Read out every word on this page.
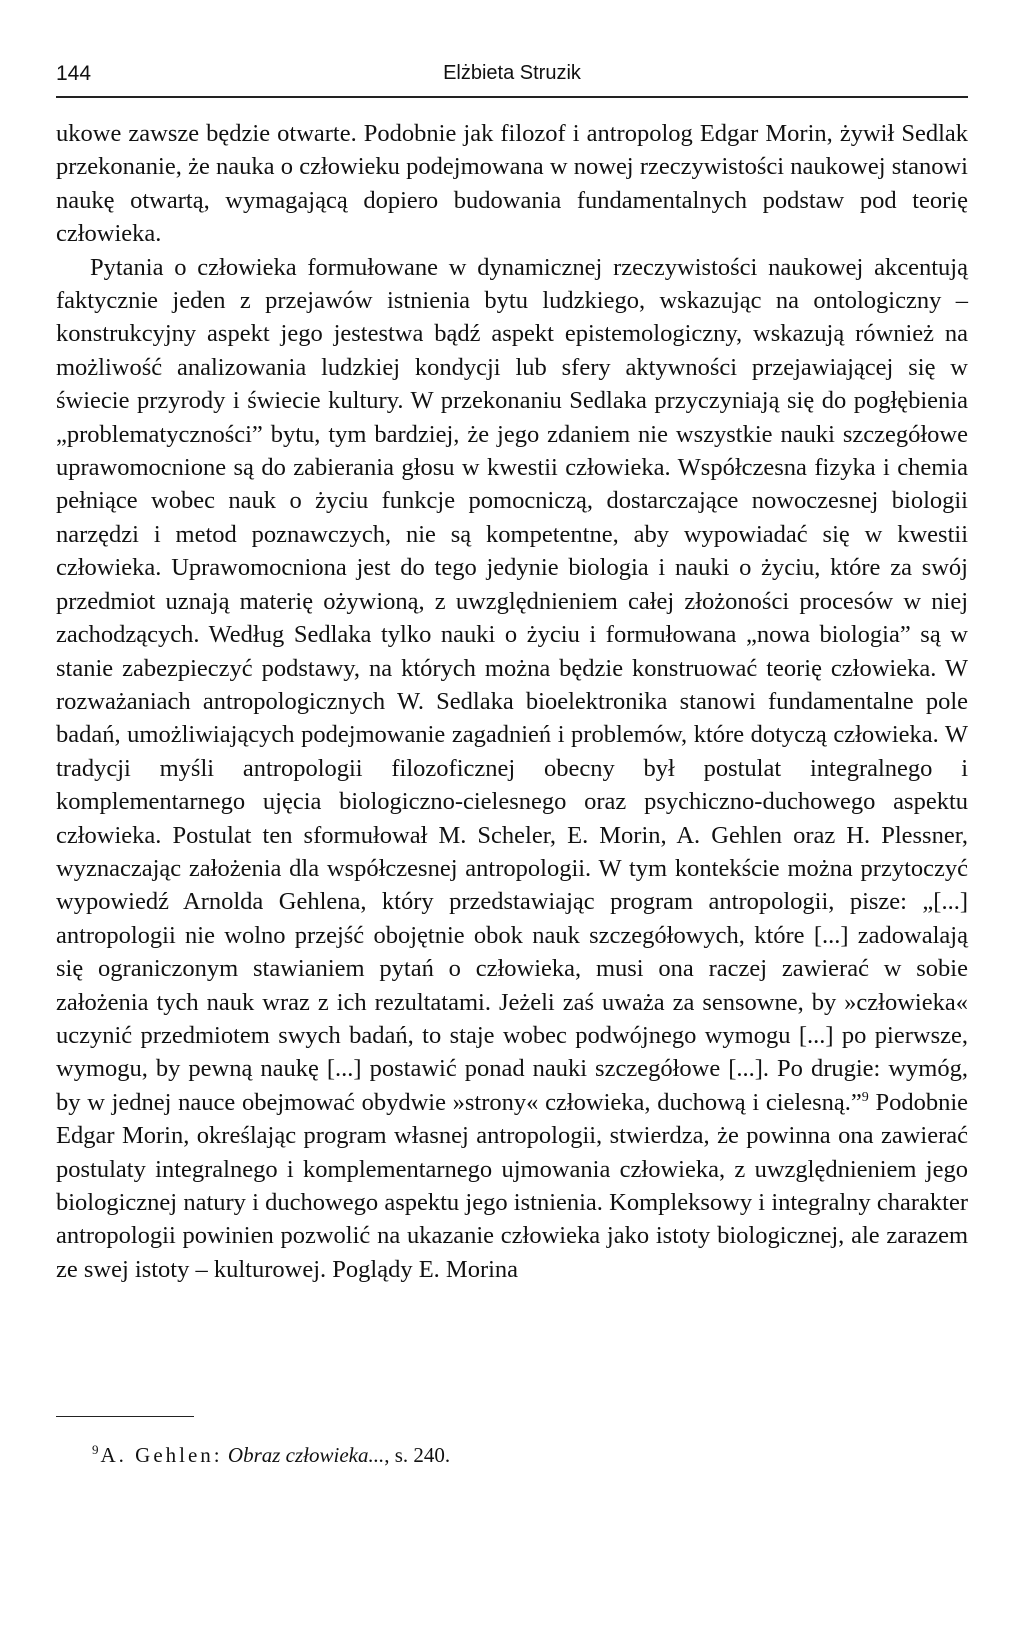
144	Elżbieta Struzik

ukowe zawsze będzie otwarte. Podobnie jak filozof i antropolog Edgar Morin, żywił Sedlak przekonanie, że nauka o człowieku podejmowana w nowej rzeczywistości naukowej stanowi naukę otwartą, wymagającą dopiero budowania fundamentalnych podstaw pod teorię człowieka.

Pytania o człowieka formułowane w dynamicznej rzeczywistości naukowej akcentują faktycznie jeden z przejawów istnienia bytu ludzkiego, wskazując na ontologiczny – konstrukcyjny aspekt jego jestestwa bądź aspekt epistemologiczny, wskazują również na możliwość analizowania ludzkiej kondycji lub sfery aktywności przejawiającej się w świecie przyrody i świecie kultury. W przekonaniu Sedlaka przyczyniają się do pogłębienia „problematyczności” bytu, tym bardziej, że jego zdaniem nie wszystkie nauki szczegółowe uprawomocnione są do zabierania głosu w kwestii człowieka. Współczesna fizyka i chemia pełniące wobec nauk o życiu funkcje pomocniczą, dostarczające nowoczesnej biologii narzędzi i metod poznawczych, nie są kompetentne, aby wypowiadać się w kwestii człowieka. Uprawomocniona jest do tego jedynie biologia i nauki o życiu, które za swój przedmiot uznają materię ożywioną, z uwzględnieniem całej złożoności procesów w niej zachodzących. Według Sedlaka tylko nauki o życiu i formułowana „nowa biologia” są w stanie zabezpieczyć podstawy, na których można będzie konstruować teorię człowieka. W rozważaniach antropologicznych W. Sedlaka bioelektronika stanowi fundamentalne pole badań, umożliwiających podejmowanie zagadnień i problemów, które dotyczą człowieka. W tradycji myśli antropologii filozoficznej obecny był postulat integralnego i komplementarnego ujęcia biologiczno-cielesnego oraz psychiczno-duchowego aspektu człowieka. Postulat ten sformułował M. Scheler, E. Morin, A. Gehlen oraz H. Plessner, wyznaczając założenia dla współczesnej antropologii. W tym kontekście można przytoczyć wypowiedź Arnolda Gehlena, który przedstawiając program antropologii, pisze: „[...] antropologii nie wolno przejść obojętnie obok nauk szczegółowych, które [...] zadowalają się ograniczonym stawianiem pytań o człowieka, musi ona raczej zawierać w sobie założenia tych nauk wraz z ich rezultatami. Jeżeli zaś uważa za sensowne, by »człowieka« uczynić przedmiotem swych badań, to staje wobec podwójnego wymogu [...] po pierwsze, wymogu, by pewną naukę [...] postawić ponad nauki szczegółowe [...]. Po drugie: wymóg, by w jednej nauce obejmować obydwie »strony« człowieka, duchową i cielesną.”$^9$ Podobnie Edgar Morin, określając program własnej antropologii, stwierdza, że powinna ona zawierać postulaty integralnego i komplementarnego ujmowania człowieka, z uwzględnieniem jego biologicznej natury i duchowego aspektu jego istnienia. Kompleksowy i integralny charakter antropologii powinien pozwolić na ukazanie człowieka jako istoty biologicznej, ale zarazem ze swej istoty – kulturowej. Poglądy E. Morina

$^9$A. Gehlen: Obraz człowieka..., s. 240.
